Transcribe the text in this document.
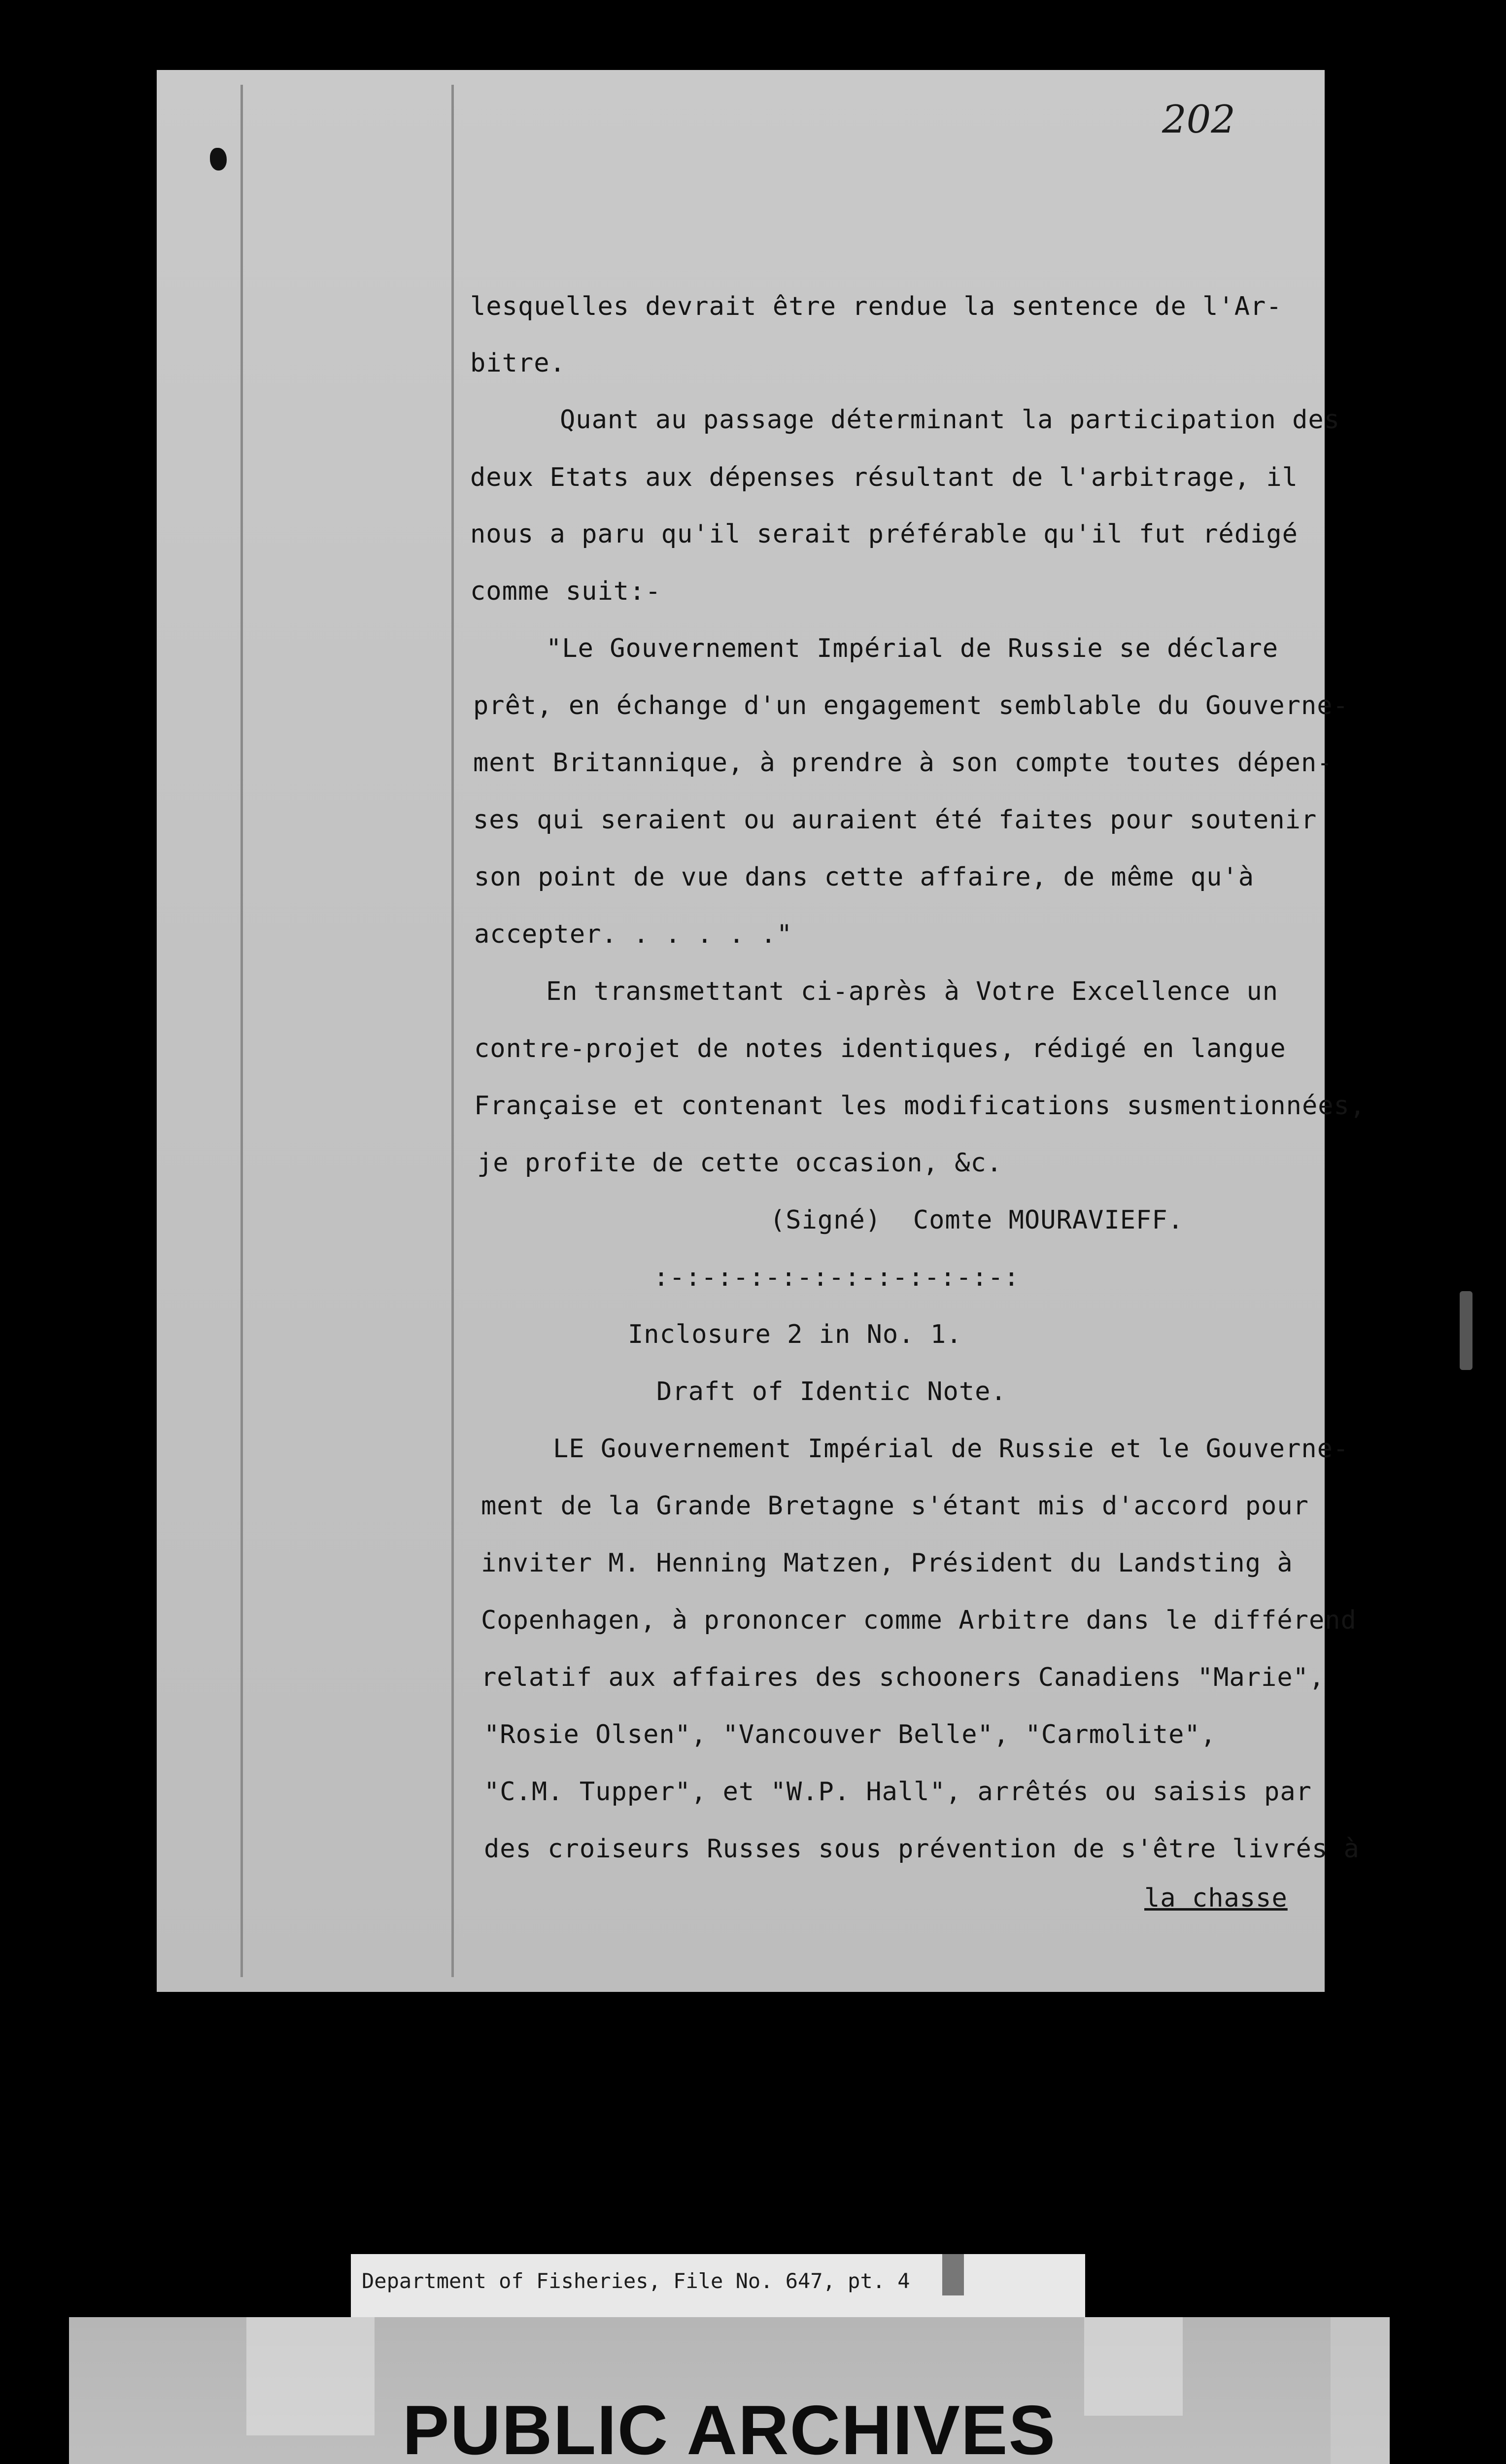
202
lesquelles devrait être rendue la sentence de l'Ar-
bitre.
Quant au passage déterminant la participation des
deux Etats aux dépenses résultant de l'arbitrage, il
nous a paru qu'il serait préférable qu'il fut rédigé
comme suit:-
"Le Gouvernement Impérial de Russie se déclare
prêt, en échange d'un engagement semblable du Gouverne-
ment Britannique, à prendre à son compte toutes dépen-
ses qui seraient ou auraient été faites pour soutenir
son point de vue dans cette affaire, de même qu'à
accepter. . . . . ."
En transmettant ci-après à Votre Excellence un
contre-projet de notes identiques, rédigé en langue
Française et contenant les modifications susmentionnées,
je profite de cette occasion, &c.
(Signé)  Comte MOURAVIEFF.
:-:-:-:-:-:-:-:-:-:-:-:
Inclosure 2 in No. 1.
Draft of Identic Note.
LE Gouvernement Impérial de Russie et le Gouverne-
ment de la Grande Bretagne s'étant mis d'accord pour
inviter M. Henning Matzen, Président du Landsting à
Copenhagen, à prononcer comme Arbitre dans le différend
relatif aux affaires des schooners Canadiens "Marie",
"Rosie Olsen", "Vancouver Belle", "Carmolite",
"C.M. Tupper", et "W.P. Hall", arrêtés ou saisis par
des croiseurs Russes sous prévention de s'être livrés à
la chasse
Department of Fisheries, File No. 647, pt. 4
PUBLIC ARCHIVES
